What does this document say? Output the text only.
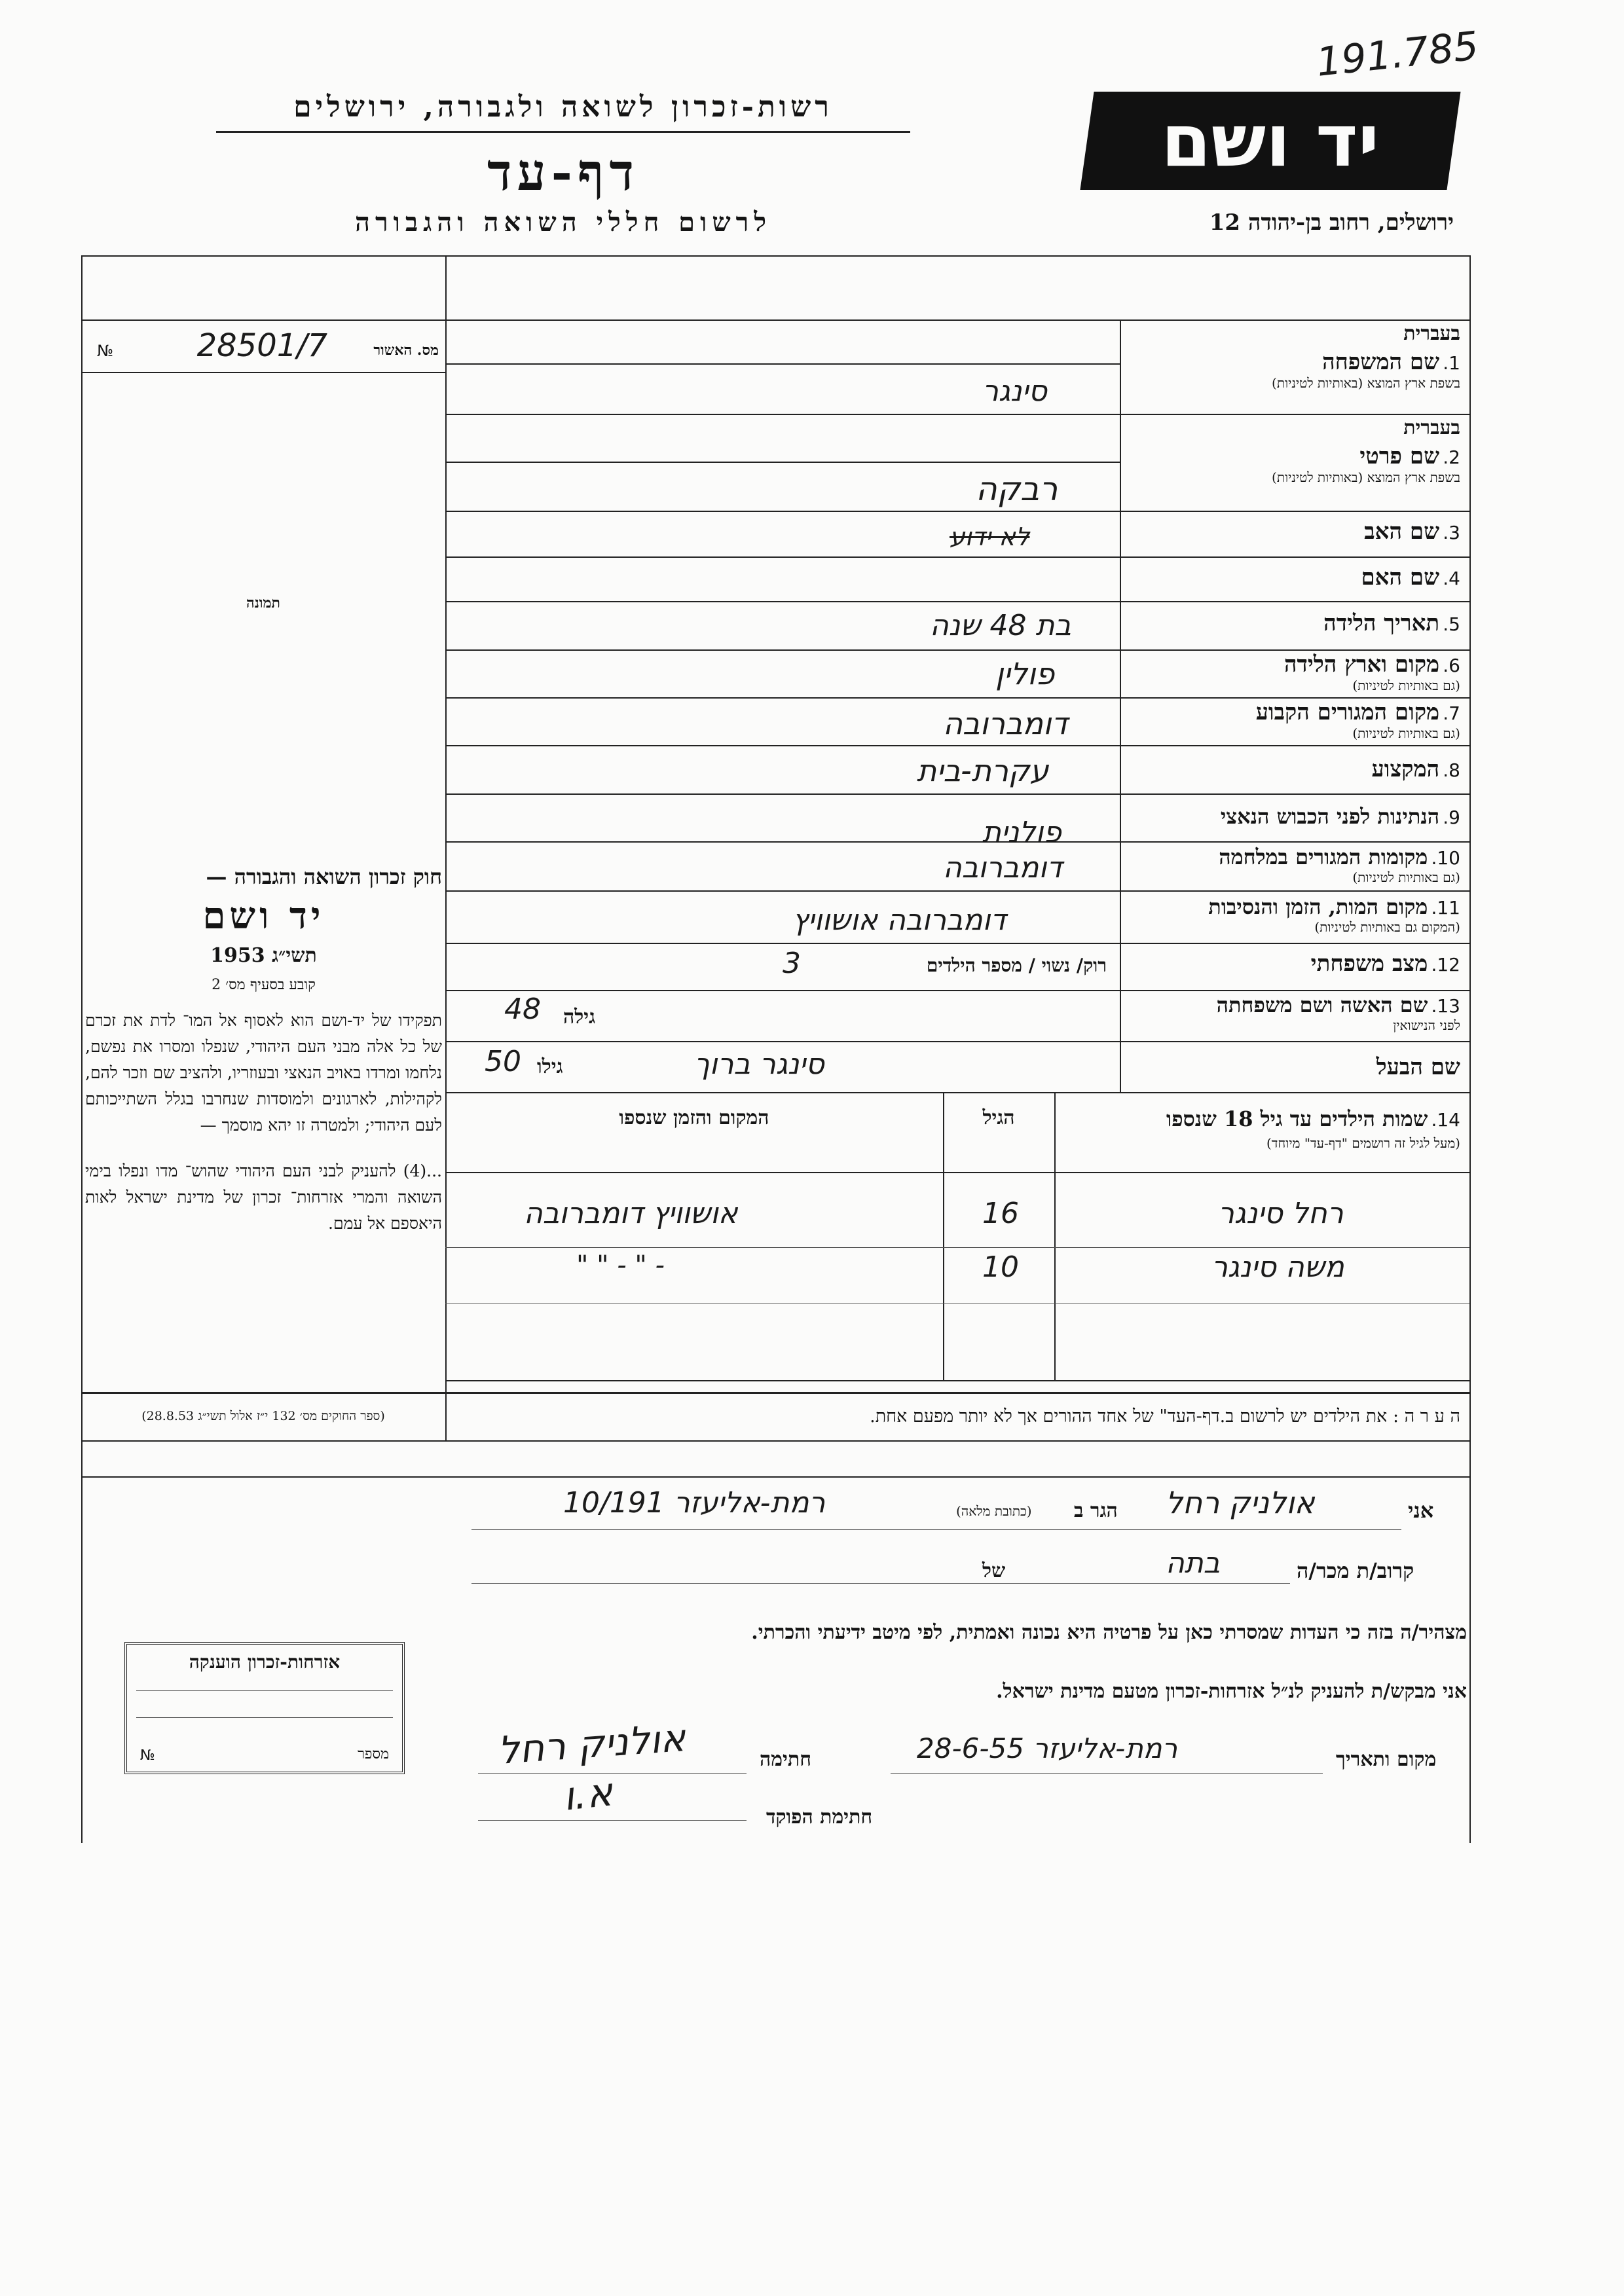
191.785
יד ושם
ירושלים, רחוב בן-יהודה 12
רשות-זכרון לשואה ולגבורה, ירושלים
דף-עד
לרשום חללי השואה והגבורה
מס. האשור
28501/7
№
תמונה
חוק זכרון השואה והגבורה —
יד ושם
תשי״ג 1953
קובע בסעיף מס׳ 2
תפקידו של יד-ושם הוא לאסוף אל המו־ לדת את זכרם של כל אלה מבני העם היהודי, שנפלו ומסרו את נפשם, נלחמו ומרדו באויב הנאצי ובעוזריו, ולהציב שם וזכר להם, לקהילות, לארגונים ולמוסדות שנחרבו בגלל השתייכותם לעם היהודי; ולמטרה זו יהא מוסמך —
...(4) להעניק לבני העם היהודי שהוש־ מדו ונפלו בימי השואה והמרי אזרחות־ זכרון של מדינת ישראל לאות היאספם אל עמם.
(ספר החוקים מס׳ 132 י״ז אלול תשי״ג 28.8.53)
בעברית
1. שם המשפחה
בשפת ארץ המוצא (באותיות לטיניות)
סינגר
בעברית
2. שם פרטי
בשפת ארץ המוצא (באותיות לטיניות)
רבקה
3. שם האב
לא ידוע
4. שם האם
5. תאריך הלידה
בת 48 שנה
6. מקום וארץ הלידה
(גם באותיות לטיניות)
פולין
7. מקום המגורים הקבוע
(גם באותיות לטיניות)
דומברובה
8. המקצוע
עקרת-בית
9. הנתינות לפני הכבוש הנאצי
פולנית
10. מקומות המגורים במלחמה
(גם באותיות לטיניות)
דומברובה
11. מקום המות, הזמן והנסיבות
(המקום גם באותיות לטיניות)
דומברובה אושוויץ
12. מצב משפחתי
רוק/ נשוי / מספר הילדים
3
13. שם האשה ושם משפחתה
לפני הנישואין
גילה
48
שם הבעל
גילו
50	סינגר ברוך
14. שמות הילדים עד גיל 18 שנספו
(מעל לגיל זה רושמים "דף-עד" מיוחד)
הגיל
המקום והזמן שנספו
רחל סינגר
16
אושוויץ דומברובה
משה סינגר
10
" " - " -
ה ע ר ה : את הילדים יש לרשום ב.דף-העד" של אחד ההורים אך לא יותר מפעם אחת.
אני
אולניק רחל
הגר ב
(כתובת מלאה)
רמת-אליעזר 10/191
קרוב/ת מכר/ה
בתה
של
מצהיר/ה בזה כי העדות שמסרתי כאן על פרטיה היא נכונה ואמתית, לפי מיטב ידיעתי והכרתי.
אני מבקש/ת להעניק לנ״ל אזרחות-זכרון מטעם מדינת ישראל.
מקום ותאריך
רמת-אליעזר 28-6-55
חתימה
אולניק רחל
חתימת הפוקד
א.ו
אזרחות-זכרון הוענקה
מספר
№
